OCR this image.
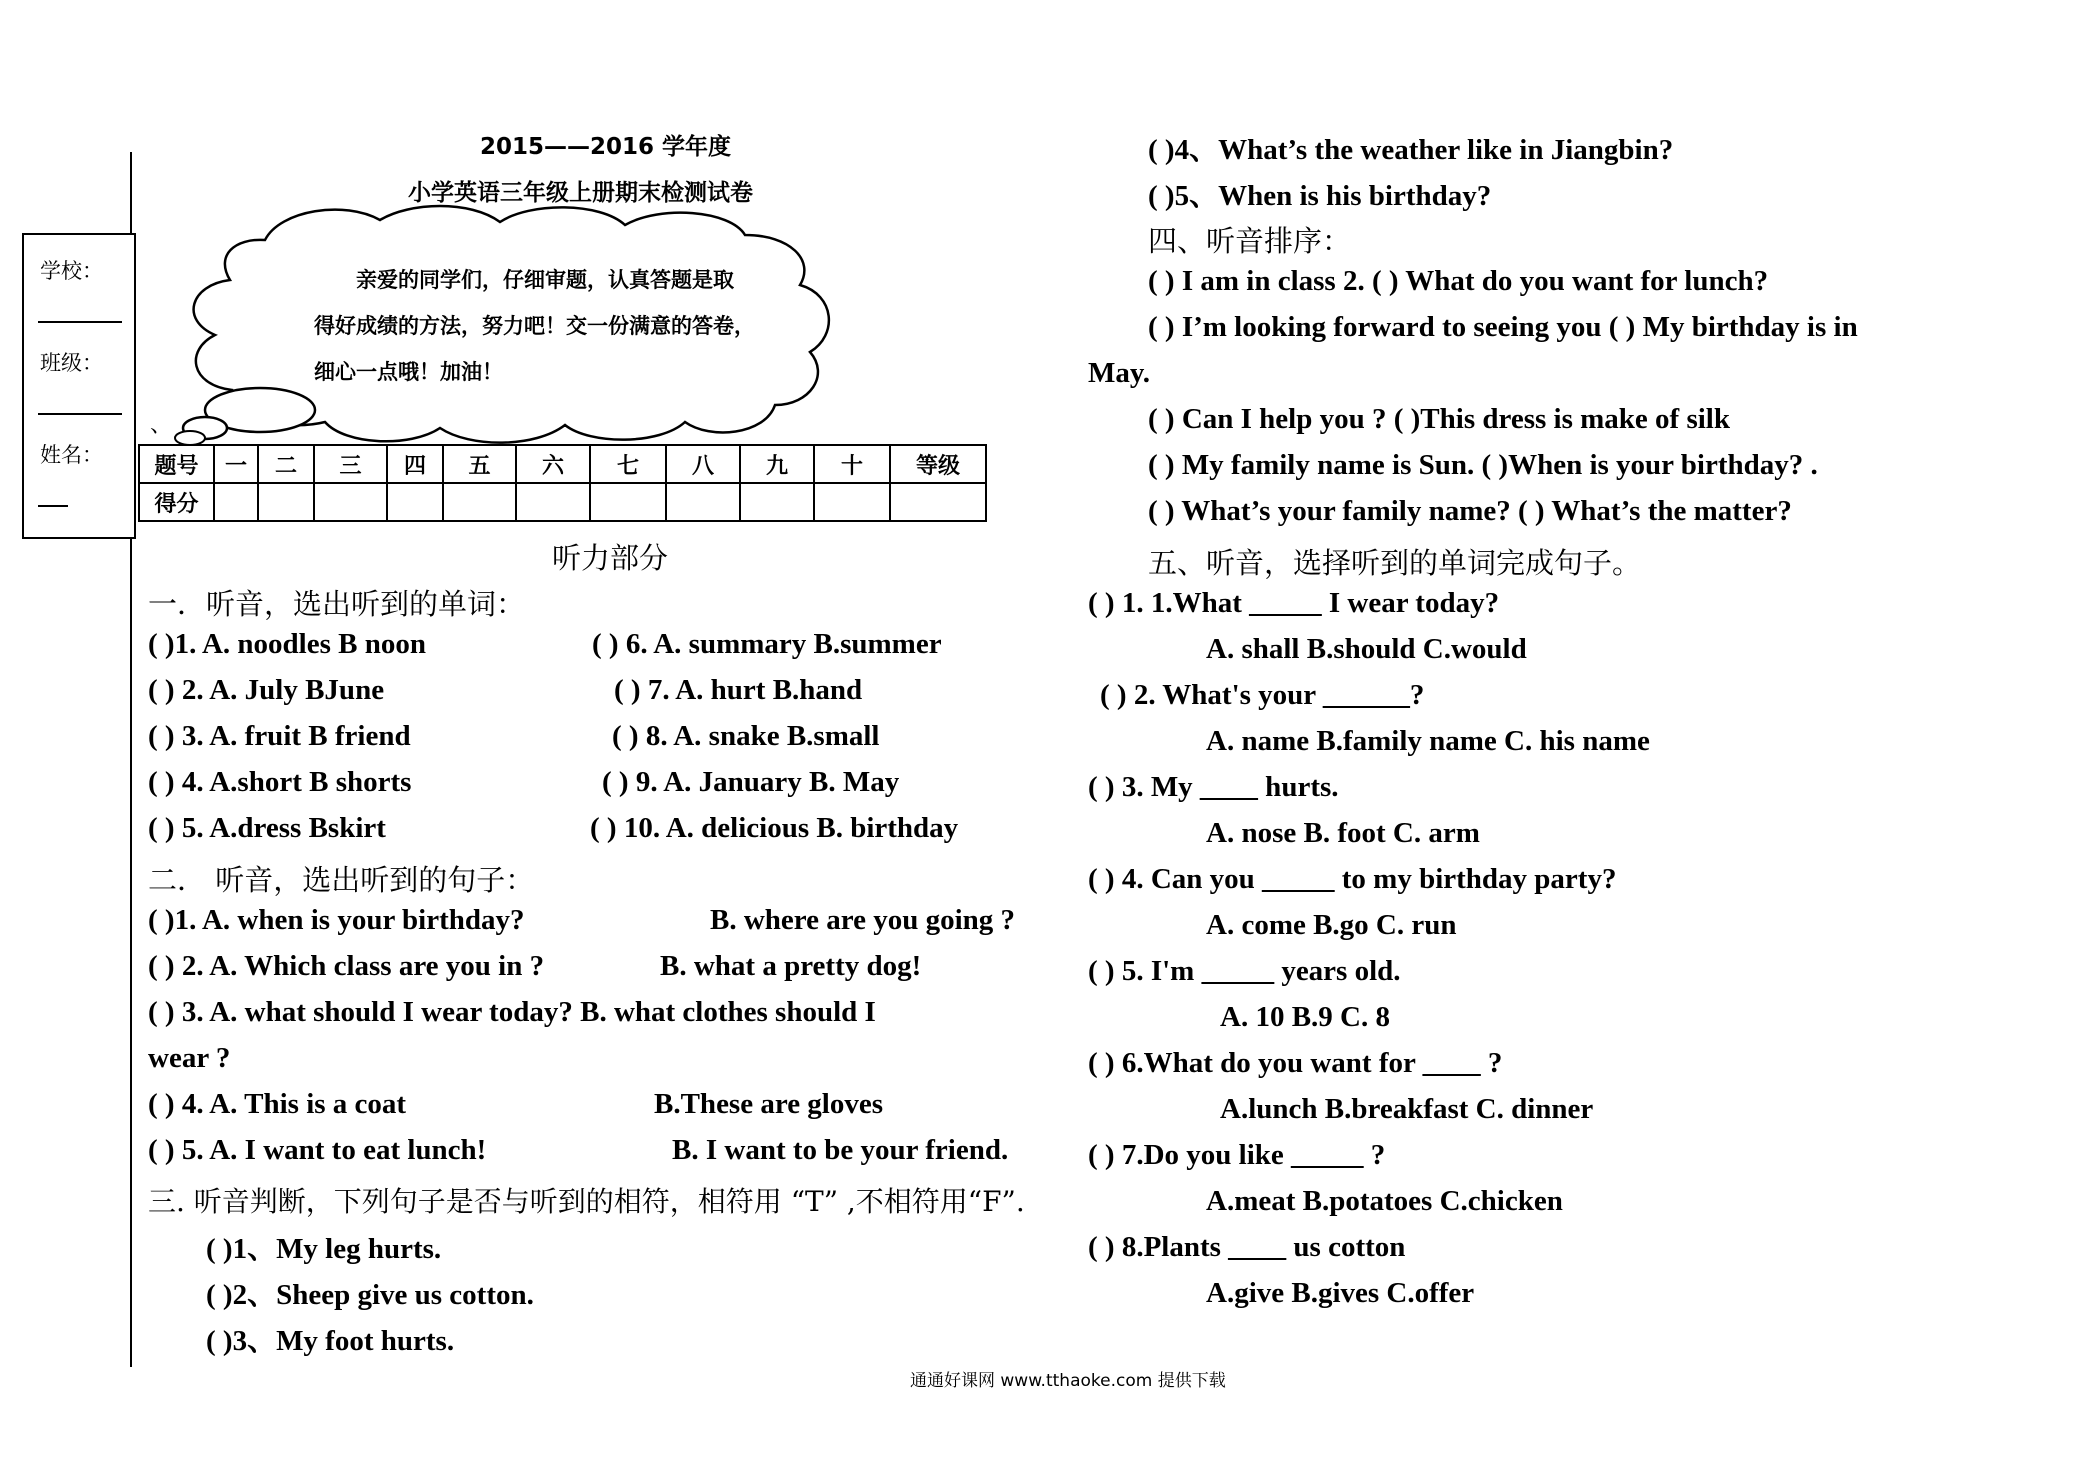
学校：
班级：
姓名：
2015——2016 学年度
小学英语三年级上册期末检测试卷
亲爱的同学们，仔细审题，认真答题是取
得好成绩的方法，努力吧！交一份满意的答卷，
细心一点哦！加油！
、
题号	一	二	三	四	五	六	七	八	九	十	等级
得分											
听力部分
一．听音，选出听到的单词：
( )1. A. noodles B noon	( ) 6. A. summary B.summer
( ) 2. A. July BJune	( ) 7. A. hurt B.hand
( ) 3. A. fruit B friend	( ) 8. A. snake B.small
( ) 4. A.short B shorts	( ) 9. A. January B. May
( ) 5. A.dress Bskirt	( ) 10. A. delicious B. birthday
二． 听音，选出听到的句子：
( )1. A. when is your birthday?	B. where are you going ?
( ) 2. A. Which class are you in ?	B. what a pretty dog!
( ) 3. A. what should I wear today? B. what clothes should I
wear ?
( ) 4. A. This is a coat	B.These are gloves
( ) 5. A. I want to eat lunch!	B. I want to be your friend.
三. 听音判断，下列句子是否与听到的相符，相符用 “T” ,不相符用“F”.
( )1、My leg hurts.
( )2、Sheep give us cotton.
( )3、My foot hurts.
( )4、What’s the weather like in Jiangbin?
( )5、When is his birthday?
四、听音排序：
( ) I am in class 2. ( ) What do you want for lunch?
( ) I’m looking forward to seeing you ( ) My birthday is in
May.
( ) Can I help you ? ( )This dress is make of silk
( ) My family name is Sun. ( )When is your birthday? .
( ) What’s your family name? ( ) What’s the matter?
五、听音，选择听到的单词完成句子。
( ) 1. 1.What _____ I wear today?
A. shall B.should C.would
( ) 2. What's your ______?
A. name B.family name C. his name
( ) 3. My ____ hurts.
A. nose B. foot C. arm
( ) 4. Can you _____ to my birthday party?
A. come B.go C. run
( ) 5. I'm _____ years old.
A. 10 B.9 C. 8
( ) 6.What do you want for ____ ?
A.lunch B.breakfast C. dinner
( ) 7.Do you like _____ ?
A.meat B.potatoes C.chicken
( ) 8.Plants ____ us cotton
A.give B.gives C.offer
通通好课网 www.tthaoke.com 提供下载
